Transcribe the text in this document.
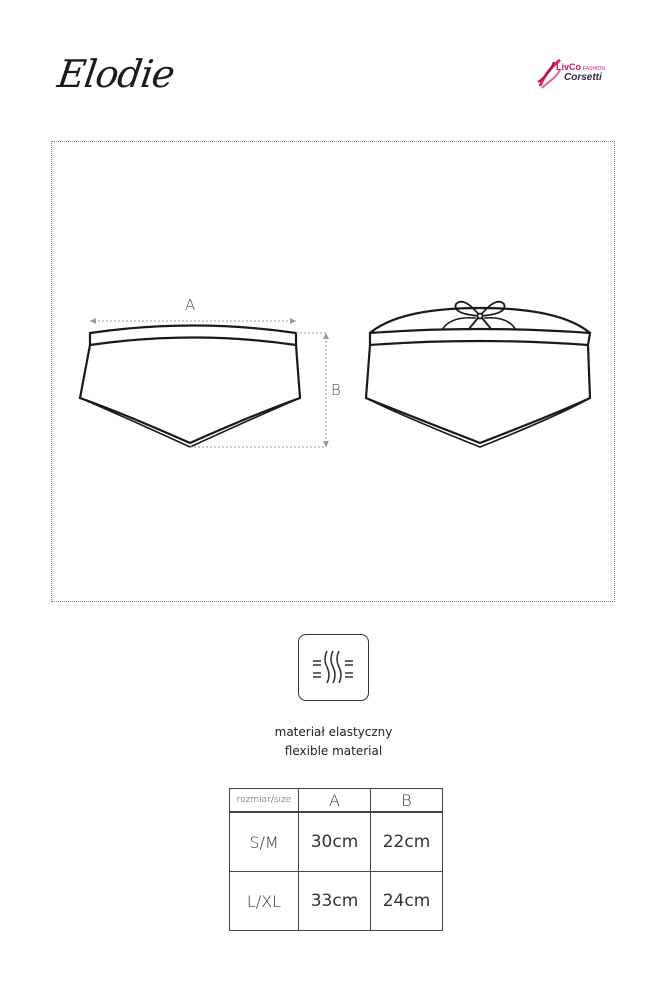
Elodie	LivCo FASHION
Corsetti
A
B
materiał elastyczny
flexible material
rozmiar/size	A	B

S/M	30cm	22cm
L/XL	33cm	24cm
